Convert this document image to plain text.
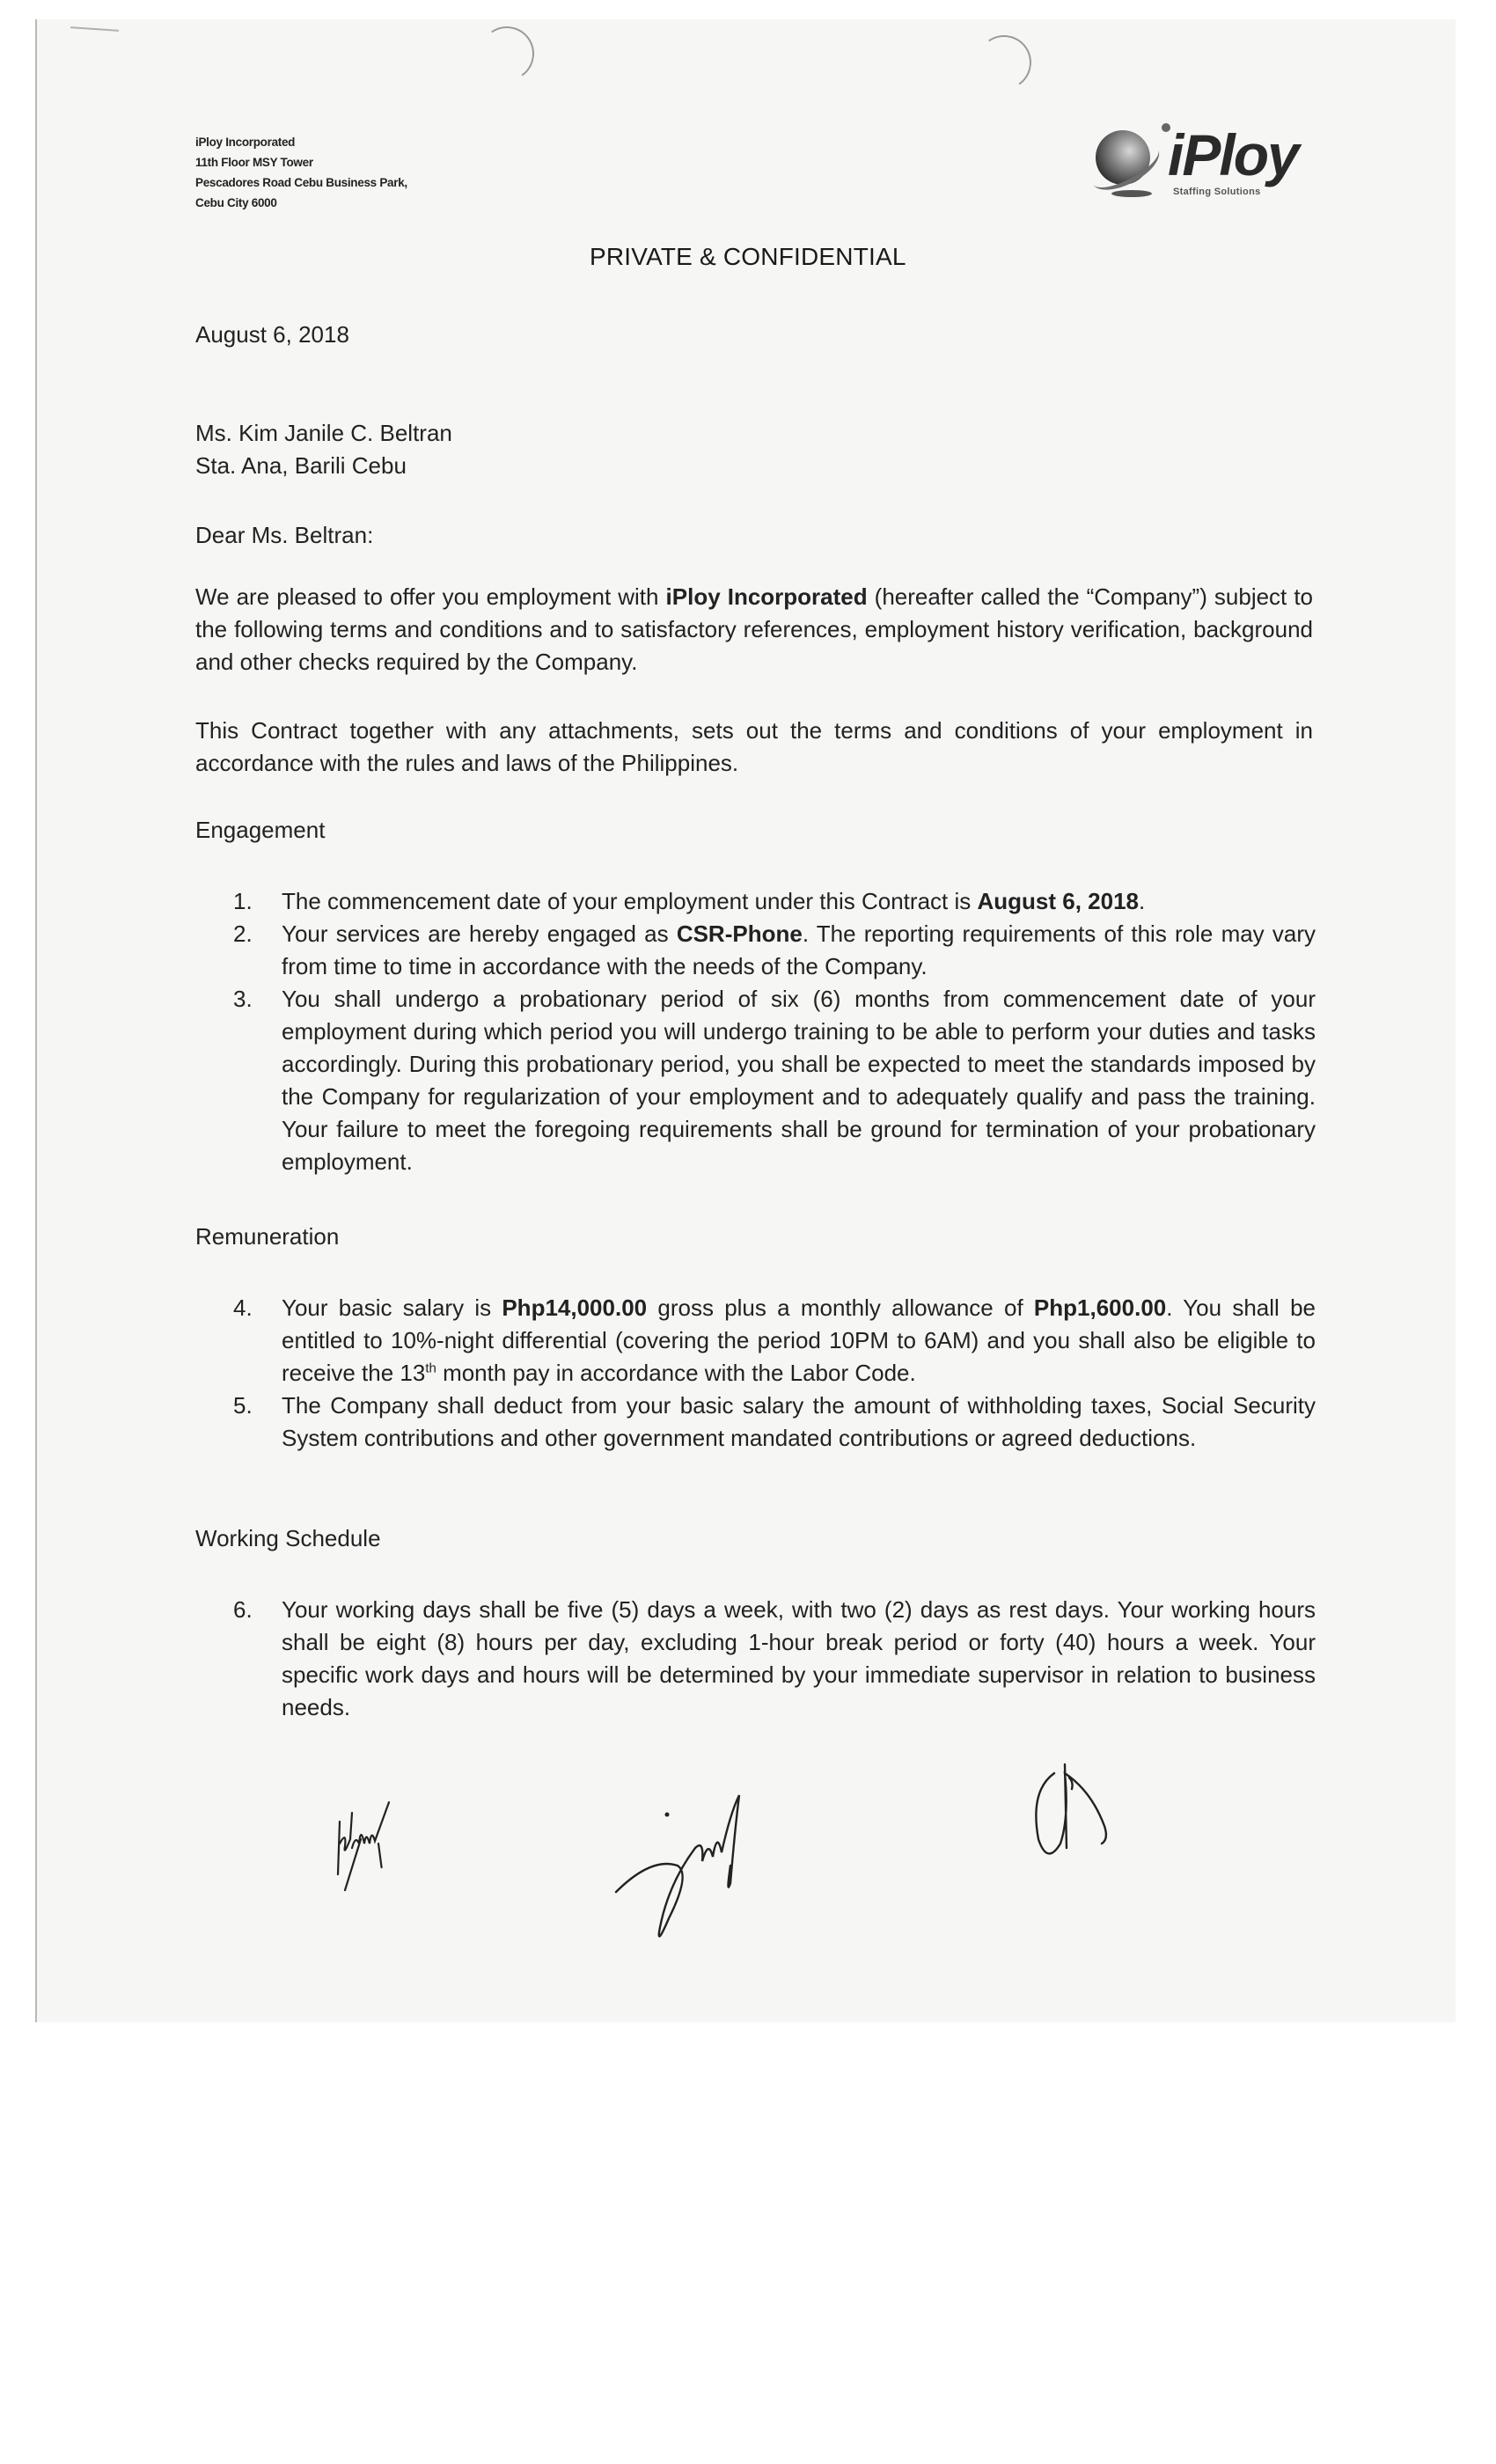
iPloy Incorporated
11th Floor MSY Tower
Pescadores Road Cebu Business Park,
Cebu City 6000
iPloy
Staffing Solutions
PRIVATE & CONFIDENTIAL
August 6, 2018
Ms. Kim Janile C. Beltran
Sta. Ana, Barili Cebu
Dear Ms. Beltran:
We are pleased to offer you employment with iPloy Incorporated (hereafter called the “Company”) subject to the following terms and conditions and to satisfactory references, employment history verification, background and other checks required by the Company.
This Contract together with any attachments, sets out the terms and conditions of your employment in accordance with the rules and laws of the Philippines.
Engagement

1. The commencement date of your employment under this Contract is August 6, 2018.

2. Your services are hereby engaged as CSR-Phone. The reporting requirements of this role may vary from time to time in accordance with the needs of the Company.

3. You shall undergo a probationary period of six (6) months from commencement date of your employment during which period you will undergo training to be able to perform your duties and tasks accordingly. During this probationary period, you shall be expected to meet the standards imposed by the Company for regularization of your employment and to adequately qualify and pass the training. Your failure to meet the foregoing requirements shall be ground for termination of your probationary employment.

Remuneration

4. Your basic salary is Php14,000.00 gross plus a monthly allowance of Php1,600.00. You shall be entitled to 10%-night differential (covering the period 10PM to 6AM) and you shall also be eligible to receive the 13th month pay in accordance with the Labor Code.

5. The Company shall deduct from your basic salary the amount of withholding taxes, Social Security System contributions and other government mandated contributions or agreed deductions.

Working Schedule

6. Your working days shall be five (5) days a week, with two (2) days as rest days. Your working hours shall be eight (8) hours per day, excluding 1-hour break period or forty (40) hours a week. Your specific work days and hours will be determined by your immediate supervisor in relation to business needs.
